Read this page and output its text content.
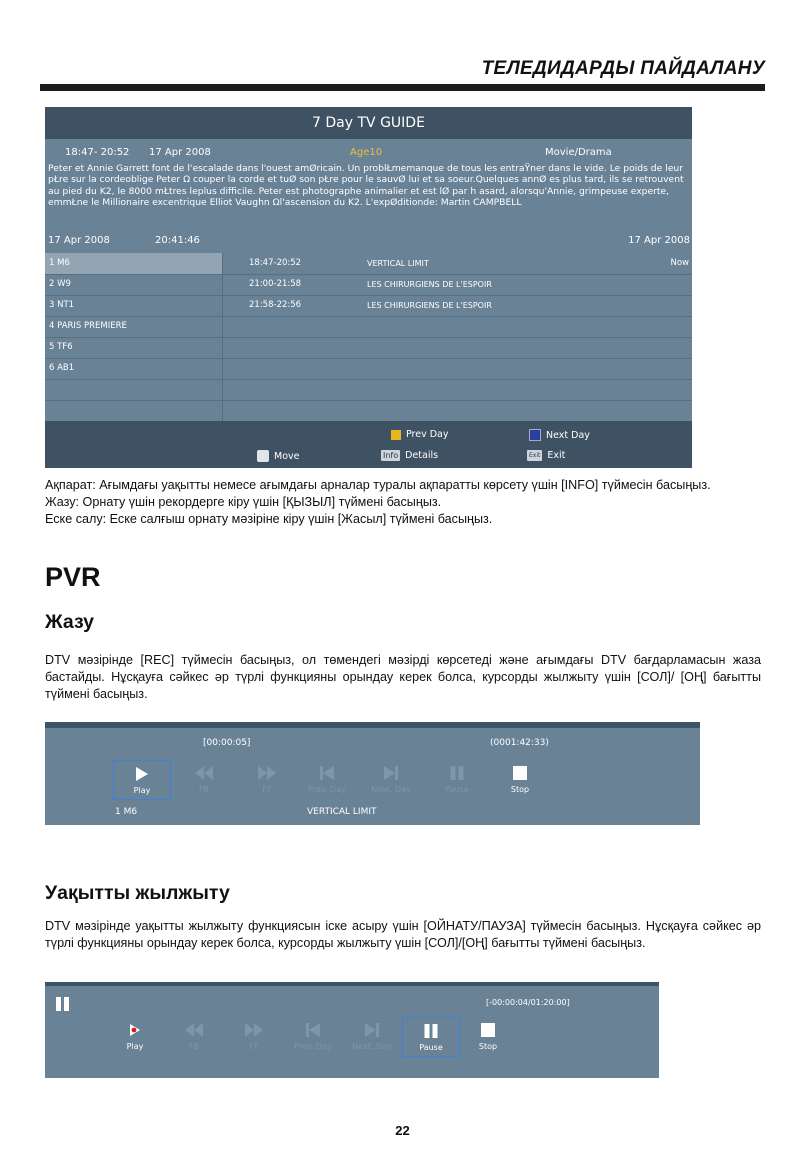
ТЕЛЕДИДАРДЫ ПАЙДАЛАНУ
7 Day TV GUIDE
18:47- 20:52 17 Apr 2008	Age10	Movie/Drama
Peter et Annie Garrett font de l'escalade dans l'ouest amØricain. Un problŁmemanque de tous les entraŸner dans le vide. Le poids de leur pŁre sur la cordeoblige Peter Ω couper la corde et tuØ son pŁre pour le sauvØ lui et sa soeur.Quelques annØ es plus tard, ils se retrouvent au pied du K2, le 8000 mŁtres leplus difficile. Peter est photographe animalier et est lØ par h asard, alorsqu'Annie, grimpeuse experte, emmŁne le Millionaire excentrique Elliot Vaughn Ωl'ascension du K2. L'expØditionde: Martin CAMPBELL
17 Apr 2008	20:41:46	17 Apr 2008
1 M6	18:47-20:52	VERTICAL LIMIT	Now
2 W9	21:00-21:58	LES CHIRURGIENS DE L'ESPOIR
3 NT1	21:58-22:56	LES CHIRURGIENS DE L'ESPOIR
4 PARIS PREMIERE
5 TF6
6 AB1
Prev Day	Next Day
Move	Info Details	Exit Exit
Ақпарат: Ағымдағы уақытты немесе ағымдағы арналар туралы ақпаратты көрсету үшін [INFO] түймесін басыңыз.
Жазу: Орнату үшін рекордерге кіру үшін [ҚЫЗЫЛ] түймені басыңыз.
Еске салу: Еске салғыш орнату мәзіріне кіру үшін [Жасыл] түймені басыңыз.
PVR
Жазу
DTV мәзірінде [REC] түймесін басыңыз, ол төмендегі мәзірді көрсетеді және ағымдағы DTV бағдарламасын жаза бастайды. Нұсқауға сәйкес әр түрлі функцияны орындау керек болса, курсорды жылжыту үшін [СОЛ]/ [ОҢ] бағытты түймені басыңыз.
[00:00:05]	(0001:42:33)
Play	FB	FF	Prev. Day	Next. Day	Pause	Stop
1 M6	VERTICAL LIMIT
Уақытты жылжыту
DTV мәзірінде уақытты жылжыту функциясын іске асыру үшін [ОЙНАТУ/ПАУЗА] түймесін басыңыз. Нұсқауға сәйкес әр түрлі функцияны орындау керек болса, курсорды жылжыту үшін [СОЛ]/[ОҢ] бағытты түймені басыңыз.
[-00:00:04/01:20:00]
Play	FB	FF	Prev. Day	Next. Day	Pause	Stop
22
